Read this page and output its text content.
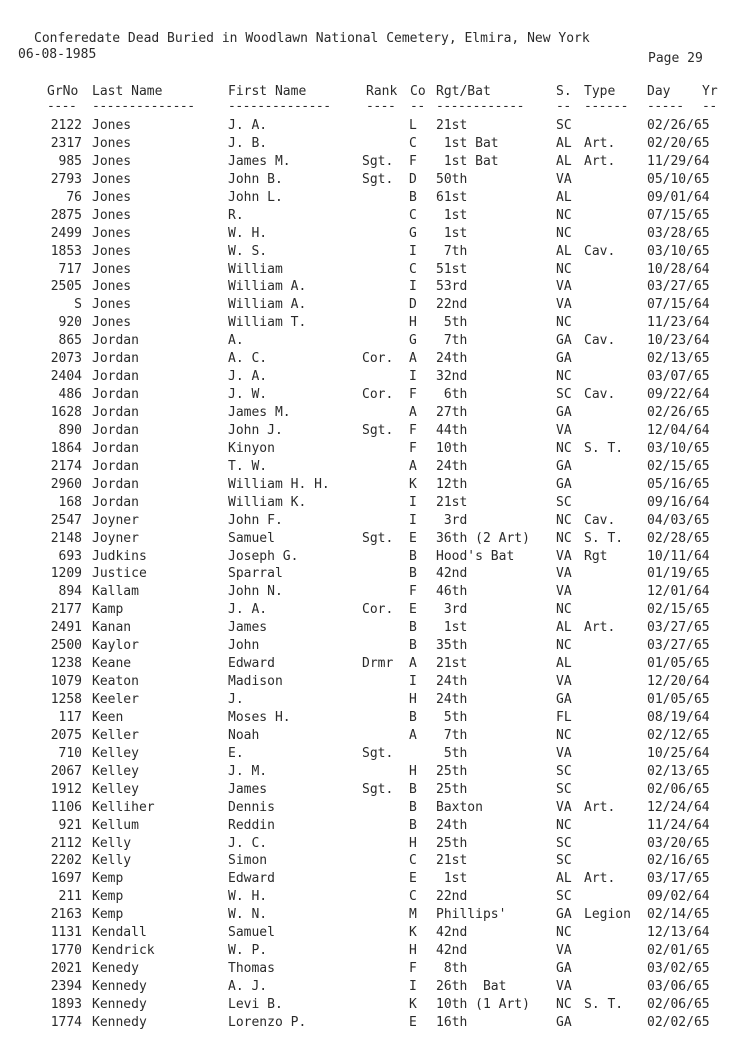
Conferedate Dead Buried in Woodlawn National Cemetery, Elmira, New York
06-08-1985	Page 29
GrNo Last Name	First Name	Rank Co Rgt/Bat	S. Type Day Yr
---- --------------	--------------	---- -- ------------ -- ------ ----- --
2122 Jones	J. A.	L 21st	SC	02/26/65
2317 Jones	J. B.	C 1st Bat	AL Art. 02/20/65
985 Jones	James M.	Sgt. F 1st Bat	AL Art. 11/29/64
2793 Jones	John B.	Sgt. D 50th	VA	05/10/65
76 Jones	John L.	B 61st	AL	09/01/64
2875 Jones	R.	C 1st	NC	07/15/65
2499 Jones	W. H.	G 1st	NC	03/28/65
1853 Jones	W. S.	I 7th	AL Cav. 03/10/65
717 Jones	William	C 51st	NC	10/28/64
2505 Jones	William A.	I 53rd	VA	03/27/65
S Jones	William A.	D 22nd	VA	07/15/64
920 Jones	William T.	H 5th	NC	11/23/64
865 Jordan	A.	G 7th	GA Cav. 10/23/64
2073 Jordan	A. C.	Cor. A 24th	GA	02/13/65
2404 Jordan	J. A.	I 32nd	NC	03/07/65
486 Jordan	J. W.	Cor. F 6th	SC Cav. 09/22/64
1628 Jordan	James M.	A 27th	GA	02/26/65
890 Jordan	John J.	Sgt. F 44th	VA	12/04/64
1864 Jordan	Kinyon	F 10th	NC S. T. 03/10/65
2174 Jordan	T. W.	A 24th	GA	02/15/65
2960 Jordan	William H. H.	K 12th	GA	05/16/65
168 Jordan	William K.	I 21st	SC	09/16/64
2547 Joyner	John F.	I 3rd	NC Cav. 04/03/65
2148 Joyner	Samuel	Sgt. E 36th (2 Art) NC S. T. 02/28/65
693 Judkins	Joseph G.	B Hood's Bat	VA Rgt	10/11/64
1209 Justice	Sparral	B 42nd	VA	01/19/65
894 Kallam	John N.	F 46th	VA	12/01/64
2177 Kamp	J. A.	Cor. E 3rd	NC	02/15/65
2491 Kanan	James	B 1st	AL Art. 03/27/65
2500 Kaylor	John	B 35th	NC	03/27/65
1238 Keane	Edward	Drmr A 21st	AL	01/05/65
1079 Keaton	Madison	I 24th	VA	12/20/64
1258 Keeler	J.	H 24th	GA	01/05/65
117 Keen	Moses H.	B 5th	FL	08/19/64
2075 Keller	Noah	A 7th	NC	02/12/65
710 Kelley	E.	Sgt.	5th	VA	10/25/64
2067 Kelley	J. M.	H 25th	SC	02/13/65
1912 Kelley	James	Sgt. B 25th	SC	02/06/65
1106 Kelliher	Dennis	B Baxton	VA Art. 12/24/64
921 Kellum	Reddin	B 24th	NC	11/24/64
2112 Kelly	J. C.	H 25th	SC	03/20/65
2202 Kelly	Simon	C 21st	SC	02/16/65
1697 Kemp	Edward	E 1st	AL Art. 03/17/65
211 Kemp	W. H.	C 22nd	SC	09/02/64
2163 Kemp	W. N.	M Phillips'	GA Legion 02/14/65
1131 Kendall	Samuel	K 42nd	NC	12/13/64
1770 Kendrick	W. P.	H 42nd	VA	02/01/65
2021 Kenedy	Thomas	F 8th	GA	03/02/65
2394 Kennedy	A. J.	I 26th  Bat	VA	03/06/65
1893 Kennedy	Levi B.	K 10th (1 Art) NC S. T. 02/06/65
1774 Kennedy	Lorenzo P.	E 16th	GA	02/02/65
